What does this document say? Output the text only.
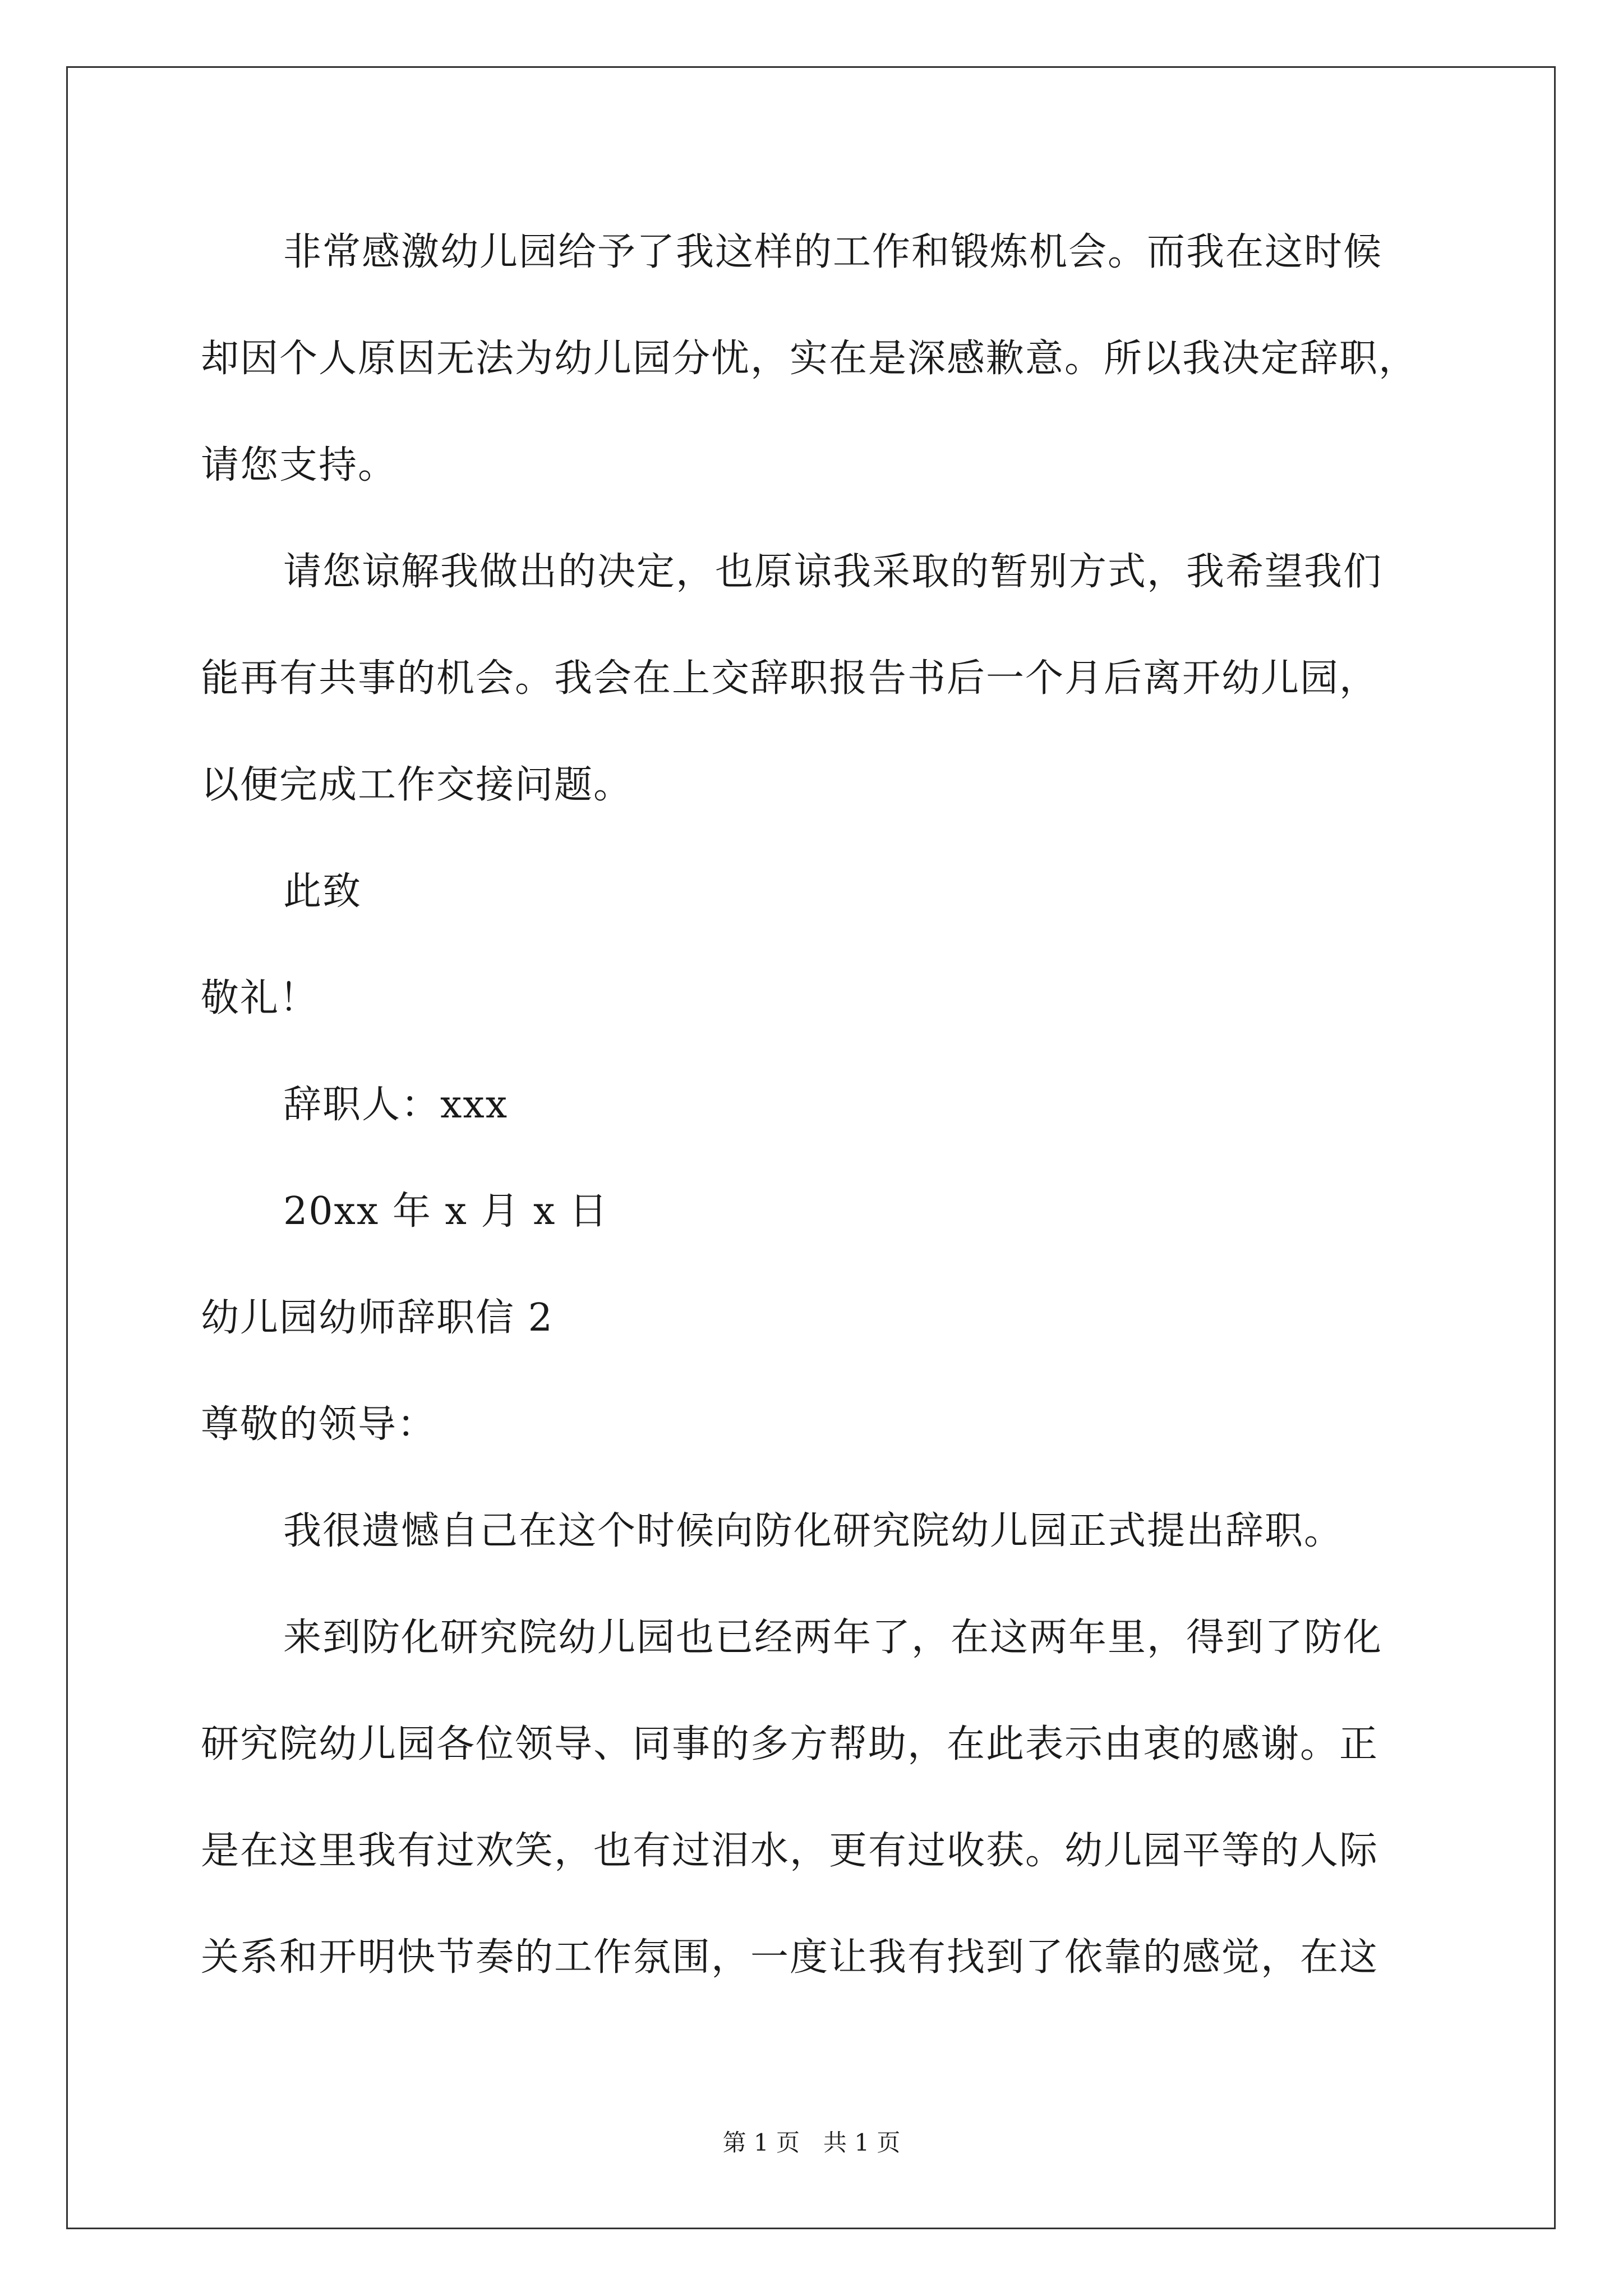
非常感激幼儿园给予了我这样的工作和锻炼机会。而我在这时候
却因个人原因无法为幼儿园分忧，实在是深感歉意。所以我决定辞职，
请您支持。
请您谅解我做出的决定，也原谅我采取的暂别方式，我希望我们
能再有共事的机会。我会在上交辞职报告书后一个月后离开幼儿园，
以便完成工作交接问题。
此致
敬礼！
辞职人：xxx
20xx 年 x 月 x 日
幼儿园幼师辞职信 2
尊敬的领导：
我很遗憾自己在这个时候向防化研究院幼儿园正式提出辞职。
来到防化研究院幼儿园也已经两年了，在这两年里，得到了防化
研究院幼儿园各位领导、同事的多方帮助，在此表示由衷的感谢。正
是在这里我有过欢笑，也有过泪水，更有过收获。幼儿园平等的人际
关系和开明快节奏的工作氛围，一度让我有找到了依靠的感觉，在这
第 1 页　共 1 页
